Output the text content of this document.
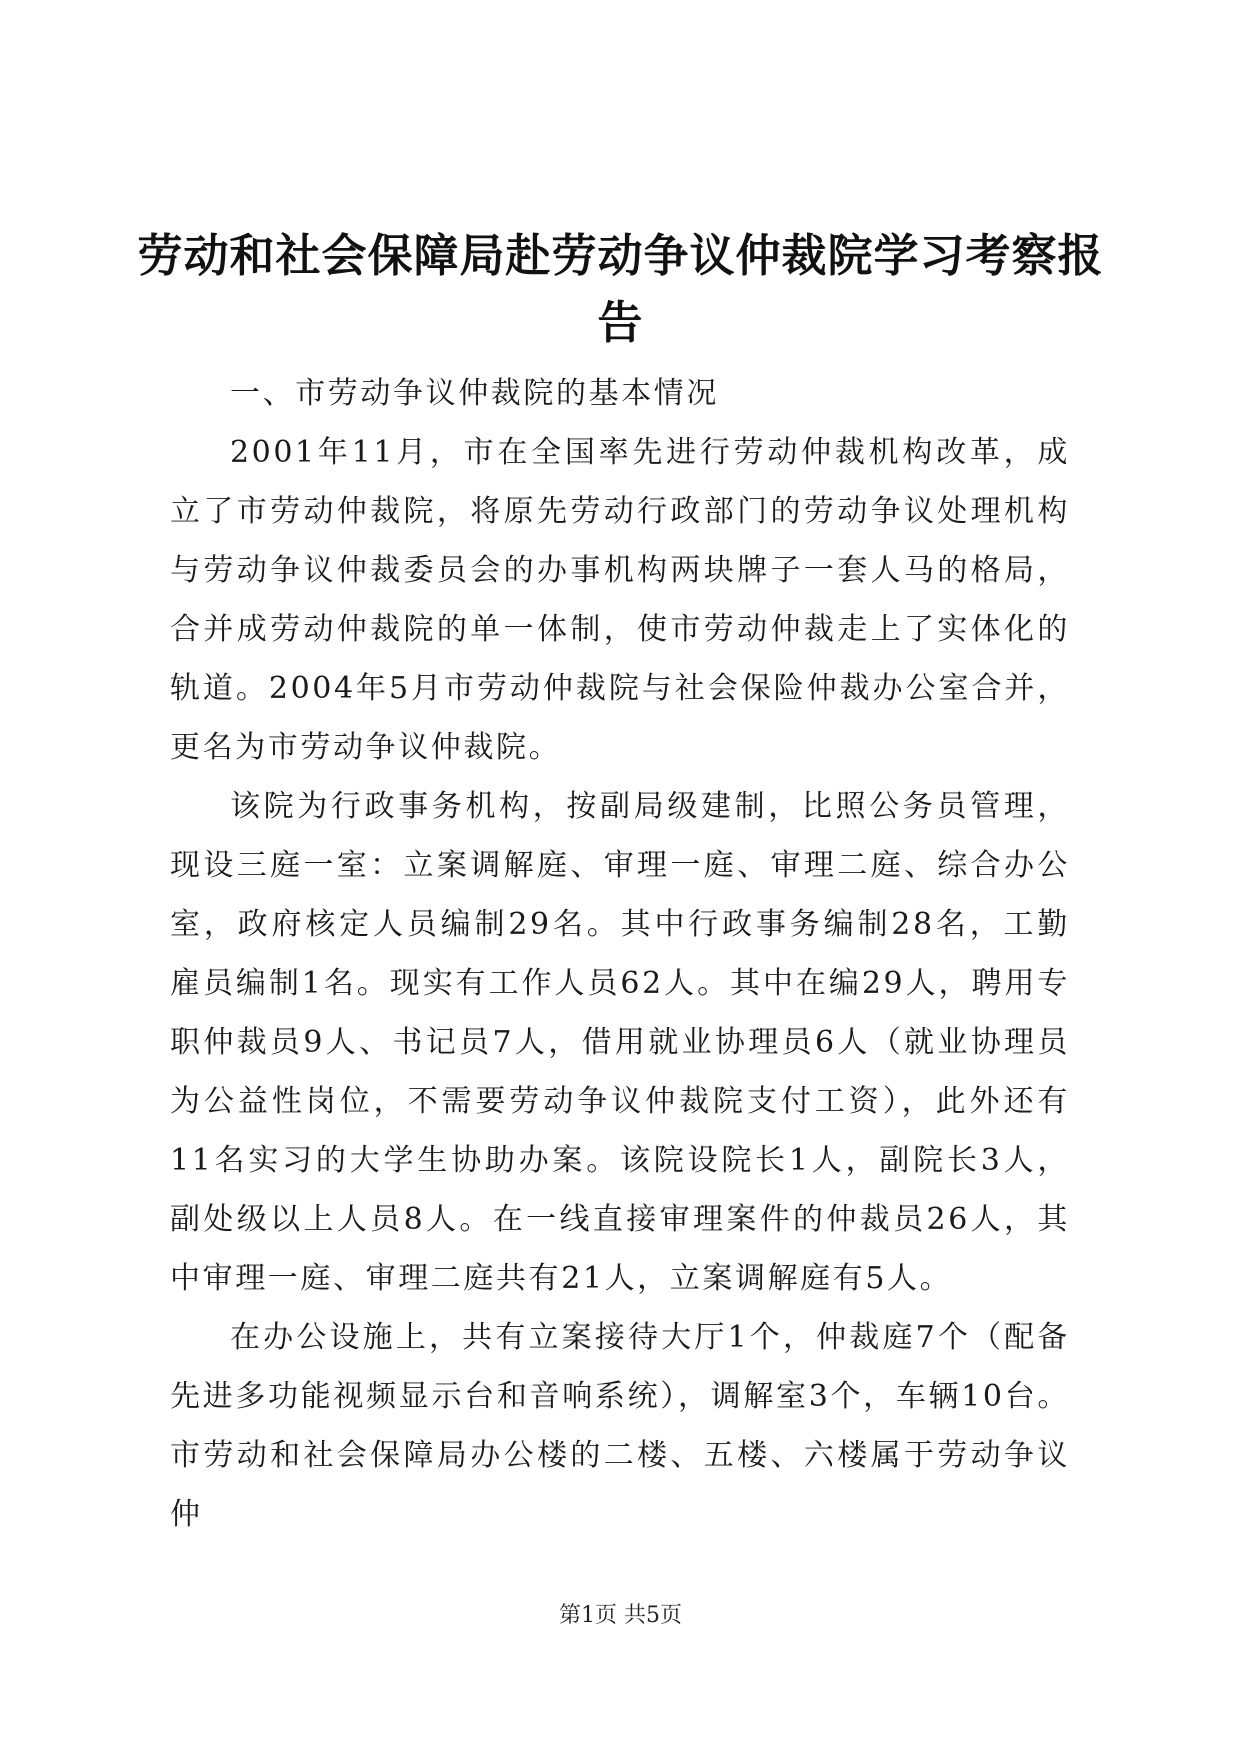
劳动和社会保障局赴劳动争议仲裁院学习考察报告

一、市劳动争议仲裁院的基本情况

2001年11月，市在全国率先进行劳动仲裁机构改革，成立了市劳动仲裁院，将原先劳动行政部门的劳动争议处理机构与劳动争议仲裁委员会的办事机构两块牌子一套人马的格局，合并成劳动仲裁院的单一体制，使市劳动仲裁走上了实体化的轨道。2004年5月市劳动仲裁院与社会保险仲裁办公室合并，更名为市劳动争议仲裁院。

该院为行政事务机构，按副局级建制，比照公务员管理，现设三庭一室：立案调解庭、审理一庭、审理二庭、综合办公室，政府核定人员编制29名。其中行政事务编制28名，工勤雇员编制1名。现实有工作人员62人。其中在编29人，聘用专职仲裁员9人、书记员7人，借用就业协理员6人（就业协理员为公益性岗位，不需要劳动争议仲裁院支付工资），此外还有11名实习的大学生协助办案。该院设院长1人，副院长3人，副处级以上人员8人。在一线直接审理案件的仲裁员26人，其中审理一庭、审理二庭共有21人，立案调解庭有5人。

在办公设施上，共有立案接待大厅1个，仲裁庭7个（配备先进多功能视频显示台和音响系统），调解室3个，车辆10台。市劳动和社会保障局办公楼的二楼、五楼、六楼属于劳动争议仲

第1页 共5页
